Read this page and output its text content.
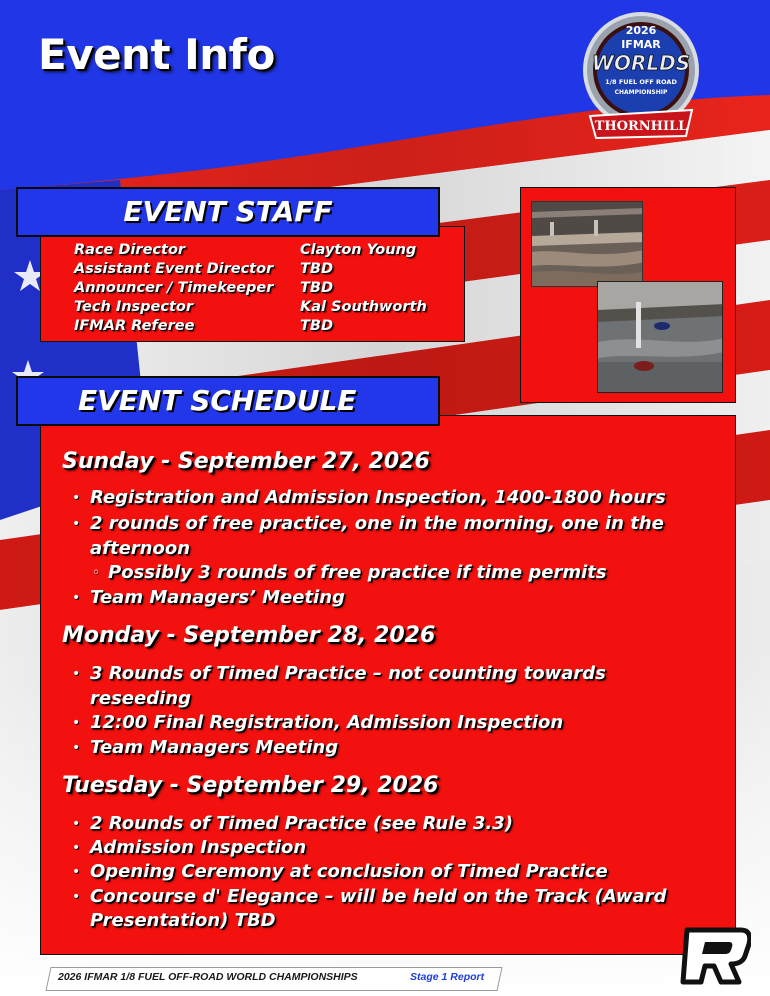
Event Info	2026
IFMAR
WORLDS
1/8 FUEL OFF ROAD
CHAMPIONSHIP
THORNHILL
EVENT STAFF
Race Director	Clayton Young
Assistant Event Director	TBD
Announcer / Timekeeper	TBD
Tech Inspector	Kal Southworth
IFMAR Referee	TBD
EVENT SCHEDULE
Sunday - September 27, 2026
• Registration and Admission Inspection, 1400-1800 hours
• 2 rounds of free practice, one in the morning, one in the
afternoon
◦ Possibly 3 rounds of free practice if time permits
• Team Managers’ Meeting
Monday - September 28, 2026
• 3 Rounds of Timed Practice – not counting towards
reseeding
• 12:00 Final Registration, Admission Inspection
• Team Managers Meeting
Tuesday - September 29, 2026
• 2 Rounds of Timed Practice (see Rule 3.3)
• Admission Inspection
• Opening Ceremony at conclusion of Timed Practice
• Concourse d' Elegance – will be held on the Track (Award
Presentation) TBD
2026 IFMAR 1/8 FUEL OFF-ROAD WORLD CHAMPIONSHIPS	Stage 1 Report
